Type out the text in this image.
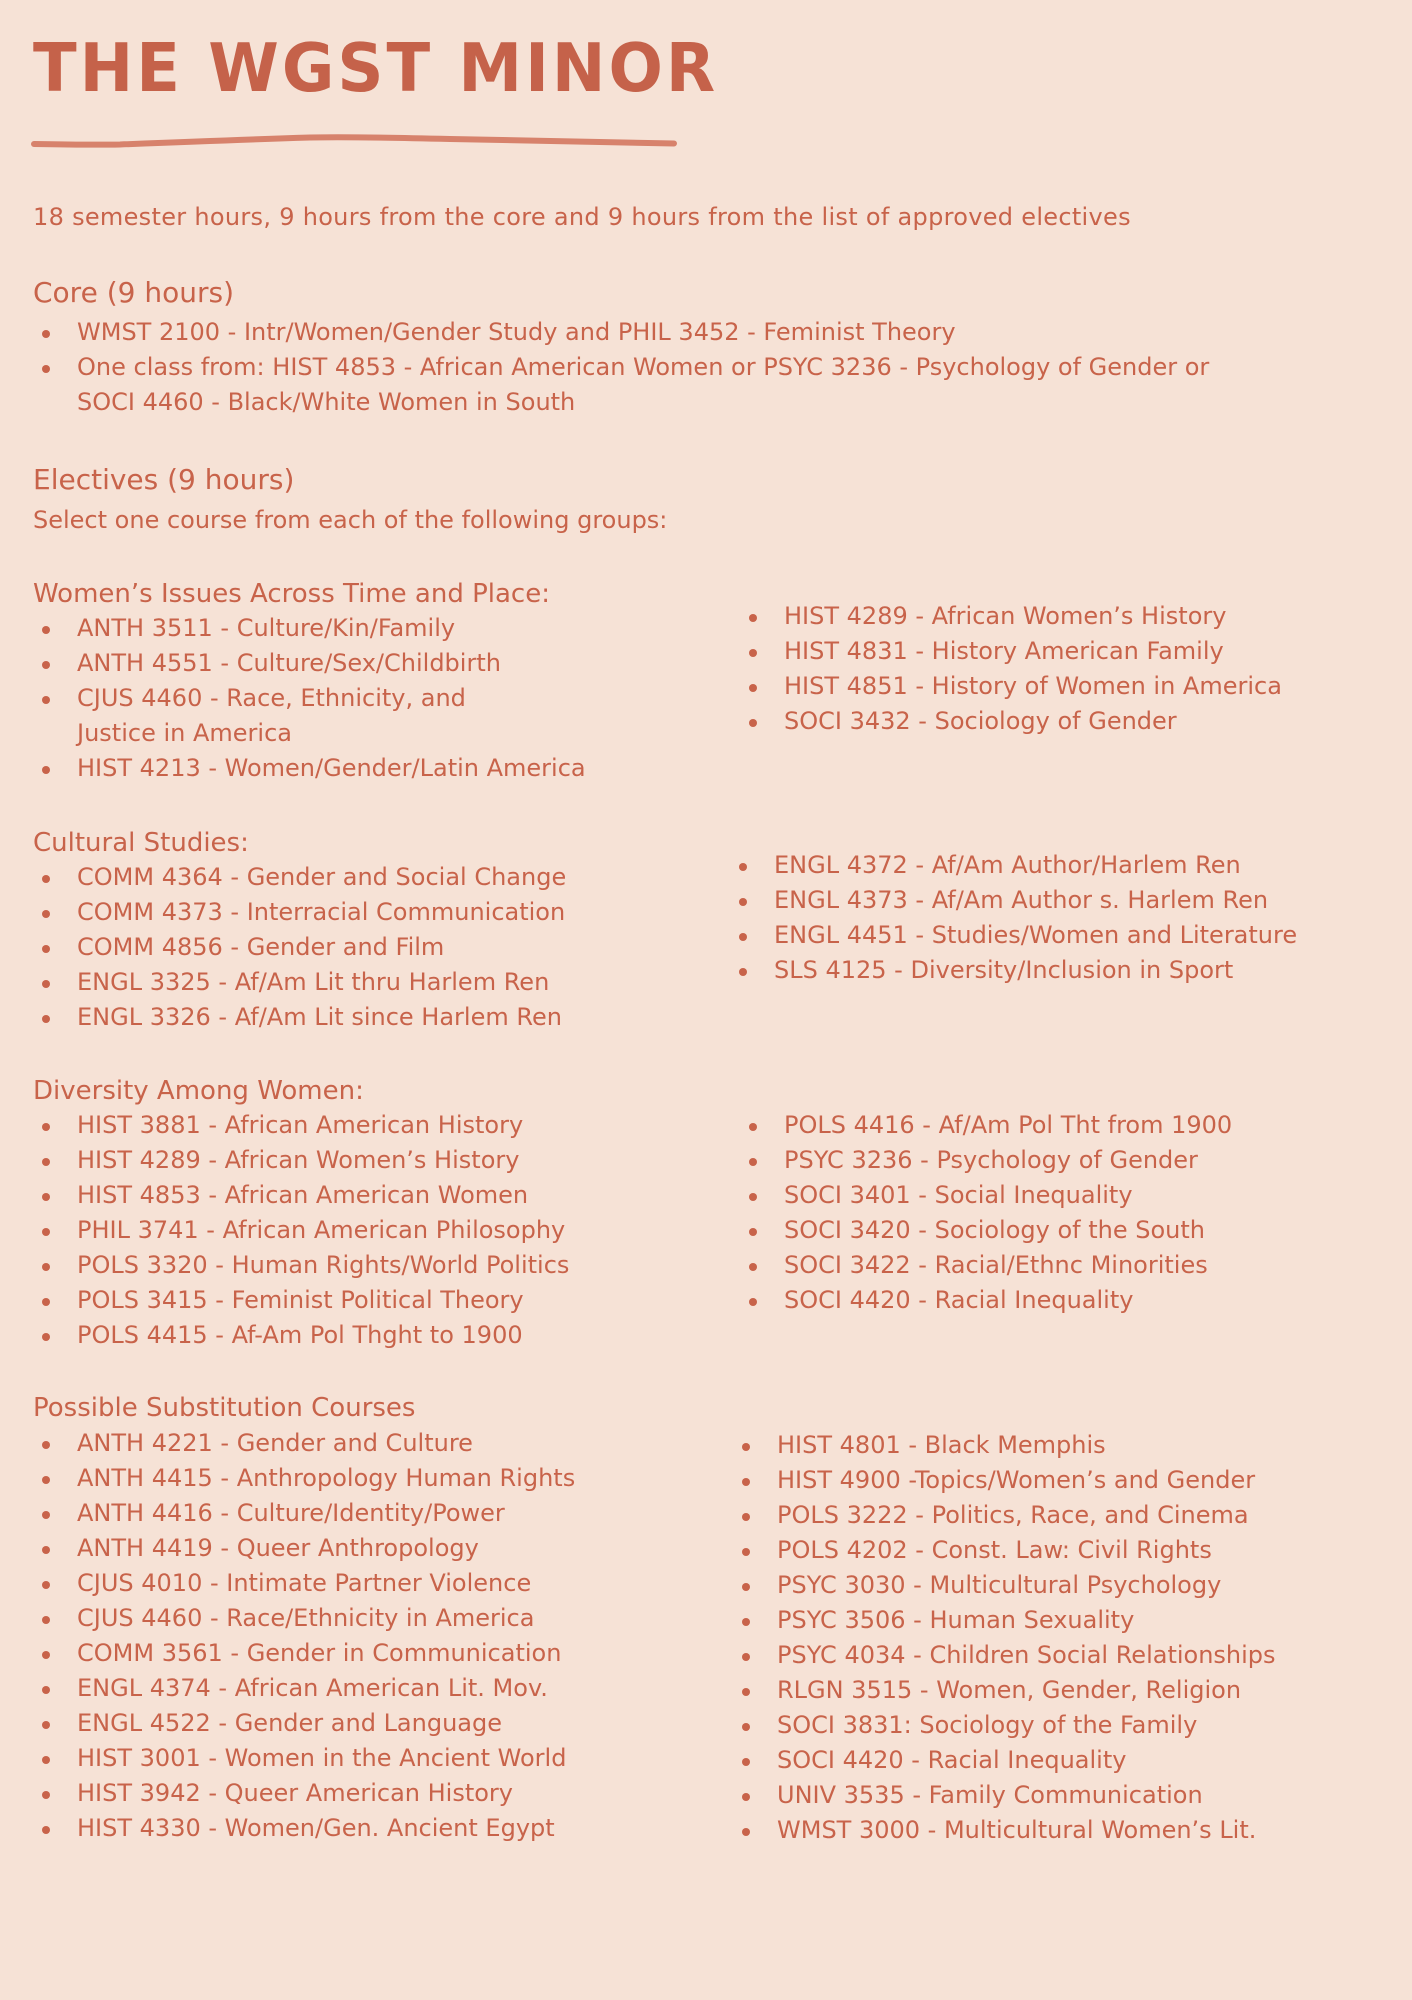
THE WGST MINOR
18 semester hours, 9 hours from the core and 9 hours from the list of approved electives
Core (9 hours)
WMST 2100 - Intr/Women/Gender Study and PHIL 3452 - Feminist Theory
One class from: HIST 4853 - African American Women or PSYC 3236 - Psychology of Gender or
SOCI 4460 - Black/White Women in South
Electives (9 hours)
Select one course from each of the following groups:
Women’s Issues Across Time and Place:
ANTH 3511 - Culture/Kin/Family
ANTH 4551 - Culture/Sex/Childbirth
CJUS 4460 - Race, Ethnicity, and
Justice in America
HIST 4213 - Women/Gender/Latin America
HIST 4289 - African Women’s History
HIST 4831 - History American Family
HIST 4851 - History of Women in America
SOCI 3432 - Sociology of Gender
Cultural Studies:
COMM 4364 - Gender and Social Change
COMM 4373 - Interracial Communication
COMM 4856 - Gender and Film
ENGL 3325 - Af/Am Lit thru Harlem Ren
ENGL 3326 - Af/Am Lit since Harlem Ren
ENGL 4372 - Af/Am Author/Harlem Ren
ENGL 4373 - Af/Am Author s. Harlem Ren
ENGL 4451 - Studies/Women and Literature
SLS 4125 - Diversity/Inclusion in Sport
Diversity Among Women:
HIST 3881 - African American History
HIST 4289 - African Women’s History
HIST 4853 - African American Women
PHIL 3741 - African American Philosophy
POLS 3320 - Human Rights/World Politics
POLS 3415 - Feminist Political Theory
POLS 4415 - Af-Am Pol Thght to 1900
POLS 4416 - Af/Am Pol Tht from 1900
PSYC 3236 - Psychology of Gender
SOCI 3401 - Social Inequality
SOCI 3420 - Sociology of the South
SOCI 3422 - Racial/Ethnc Minorities
SOCI 4420 - Racial Inequality
Possible Substitution Courses
ANTH 4221 - Gender and Culture
ANTH 4415 - Anthropology Human Rights
ANTH 4416 - Culture/Identity/Power
ANTH 4419 - Queer Anthropology
CJUS 4010 - Intimate Partner Violence
CJUS 4460 - Race/Ethnicity in America
COMM 3561 - Gender in Communication
ENGL 4374 - African American Lit. Mov.
ENGL 4522 - Gender and Language
HIST 3001 - Women in the Ancient World
HIST 3942 - Queer American History
HIST 4330 - Women/Gen. Ancient Egypt
HIST 4801 - Black Memphis
HIST 4900 -Topics/Women’s and Gender
POLS 3222 - Politics, Race, and Cinema
POLS 4202 - Const. Law: Civil Rights
PSYC 3030 - Multicultural Psychology
PSYC 3506 - Human Sexuality
PSYC 4034 - Children Social Relationships
RLGN 3515 - Women, Gender, Religion
SOCI 3831: Sociology of the Family
SOCI 4420 - Racial Inequality
UNIV 3535 - Family Communication
WMST 3000 - Multicultural Women’s Lit.
